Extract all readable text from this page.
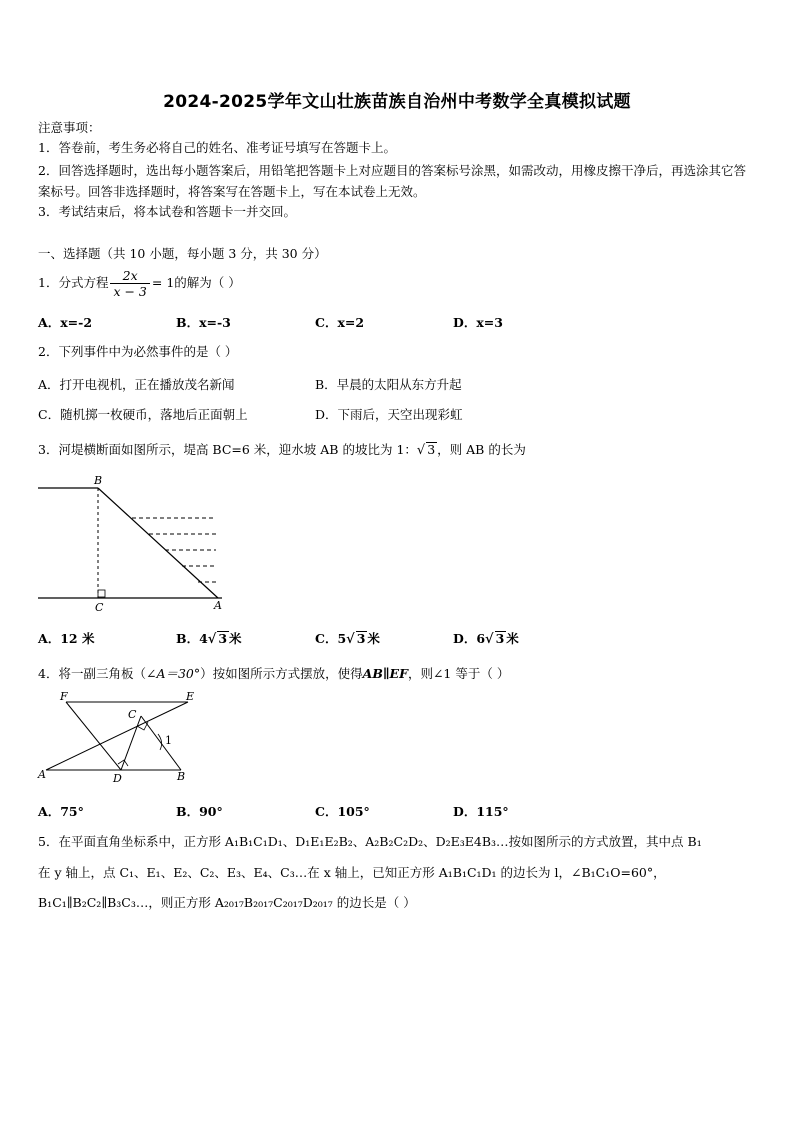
2024-2025学年文山壮族苗族自治州中考数学全真模拟试题
注意事项：
1．答卷前，考生务必将自己的姓名、准考证号填写在答题卡上。
2．回答选择题时，选出每小题答案后，用铅笔把答题卡上对应题目的答案标号涂黑，如需改动，用橡皮擦干净后，再选涂其它答案标号。回答非选择题时，将答案写在答题卡上，写在本试卷上无效。
3．考试结束后，将本试卷和答题卡一并交回。
一、选择题（共 10 小题，每小题 3 分，共 30 分）
1．分式方程 $\frac{2x}{x - 3} = 1$的解为（ ）
A．x=-2	B．x=-3	C．x=2	D．x=3
2．下列事件中为必然事件的是（ ）
A．打开电视机，正在播放茂名新闻	B．早晨的太阳从东方升起
C．随机掷一枚硬币，落地后正面朝上	D．下雨后，天空出现彩虹
3．河堤横断面如图所示，堤高 BC=6 米，迎水坡 AB 的坡比为 1：√ 3 ，则 AB 的长为
B
C	A
A．12 米	B．4√ 3 米	C．5√ 3 米	D．6√ 3 米
4．将一副三角板（∠A＝30°）按如图所示方式摆放，使得AB∥EF，则∠1 等于（ ）
F	E
C
1
A	D	B
A．75°	B．90°	C．105°	D．115°
5．在平面直角坐标系中，正方形 A₁B₁C₁D₁、D₁E₁E₂B₂、A₂B₂C₂D₂、D₂E₃E4B₃…按如图所示的方式放置，其中点 B₁
在 y 轴上，点 C₁、E₁、E₂、C₂、E₃、E₄、C₃…在 x 轴上，已知正方形 A₁B₁C₁D₁ 的边长为 l，∠B₁C₁O=60°，
B₁C₁∥B₂C₂∥B₃C₃…，则正方形 A₂₀₁₇B₂₀₁₇C₂₀₁₇D₂₀₁₇ 的边长是（ ）
